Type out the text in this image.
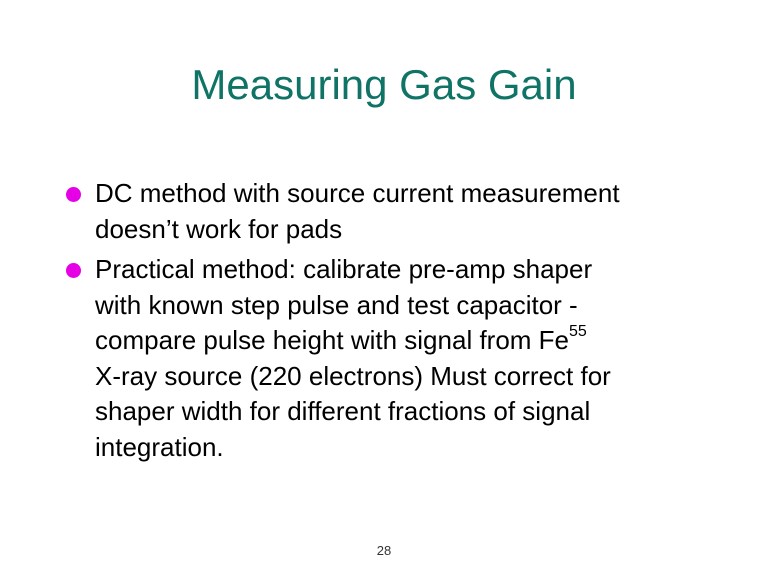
Measuring Gas Gain
DC method with source current measurement
doesn’t work for pads
Practical method: calibrate pre-amp shaper
with known step pulse and test capacitor -
compare pulse height with signal from Fe$^{55}$
X-ray source (220 electrons) Must correct for
shaper width for different fractions of signal
integration.
28
